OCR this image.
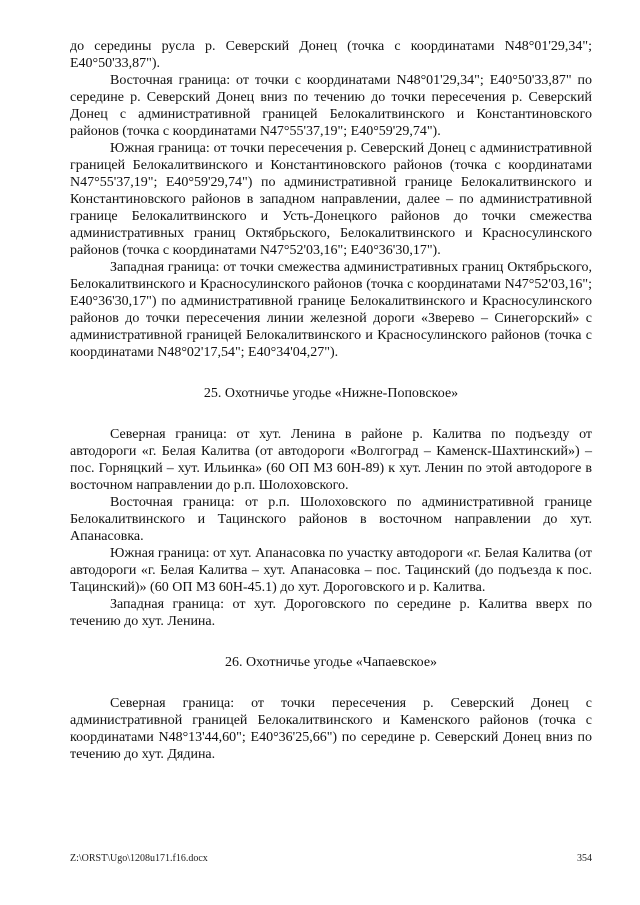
до середины русла р. Северский Донец (точка с координатами N48°01'29,34"; E40°50'33,87").

Восточная граница: от точки с координатами N48°01'29,34"; E40°50'33,87" по середине р. Северский Донец вниз по течению до точки пересечения р. Северский Донец с административной границей Белокалитвинского и Константиновского районов (точка с координатами N47°55'37,19"; E40°59'29,74").

Южная граница: от точки пересечения р. Северский Донец с административной границей Белокалитвинского и Константиновского районов (точка с координатами N47°55'37,19"; E40°59'29,74") по административной границе Белокалитвинского и Константиновского районов в западном направлении, далее – по административной границе Белокалитвинского и Усть-Донецкого районов до точки смежества административных границ Октябрьского, Белокалитвинского и Красносулинского районов (точка с координатами N47°52'03,16"; E40°36'30,17").

Западная граница: от точки смежества административных границ Октябрьского, Белокалитвинского и Красносулинского районов (точка с координатами N47°52'03,16"; E40°36'30,17") по административной границе Белокалитвинского и Красносулинского районов до точки пересечения линии железной дороги «Зверево – Синегорский» с административной границей Белокалитвинского и Красносулинского районов (точка с координатами N48°02'17,54"; E40°34'04,27").

25. Охотничье угодье «Нижне-Поповское»

Северная граница: от хут. Ленина в районе р. Калитва по подъезду от автодороги «г. Белая Калитва (от автодороги «Волгоград – Каменск-Шахтинский») – пос. Горняцкий – хут. Ильинка» (60 ОП МЗ 60Н-89) к хут. Ленин по этой автодороге в восточном направлении до р.п. Шолоховского.

Восточная граница: от р.п. Шолоховского по административной границе Белокалитвинского и Тацинского районов в восточном направлении до хут. Апанасовка.

Южная граница: от хут. Апанасовка по участку автодороги «г. Белая Калитва (от автодороги «г. Белая Калитва – хут. Апанасовка – пос. Тацинский (до подъезда к пос. Тацинский)» (60 ОП МЗ 60Н-45.1) до хут. Дороговского и р. Калитва.

Западная граница: от хут. Дороговского по середине р. Калитва вверх по течению до хут. Ленина.

26. Охотничье угодье «Чапаевское»

Северная граница: от точки пересечения р. Северский Донец с административной границей Белокалитвинского и Каменского районов (точка с координатами N48°13'44,60"; E40°36'25,66") по середине р. Северский Донец вниз по течению до хут. Дядина.

Z:\ORST\Ugo\1208u171.f16.docx	354
